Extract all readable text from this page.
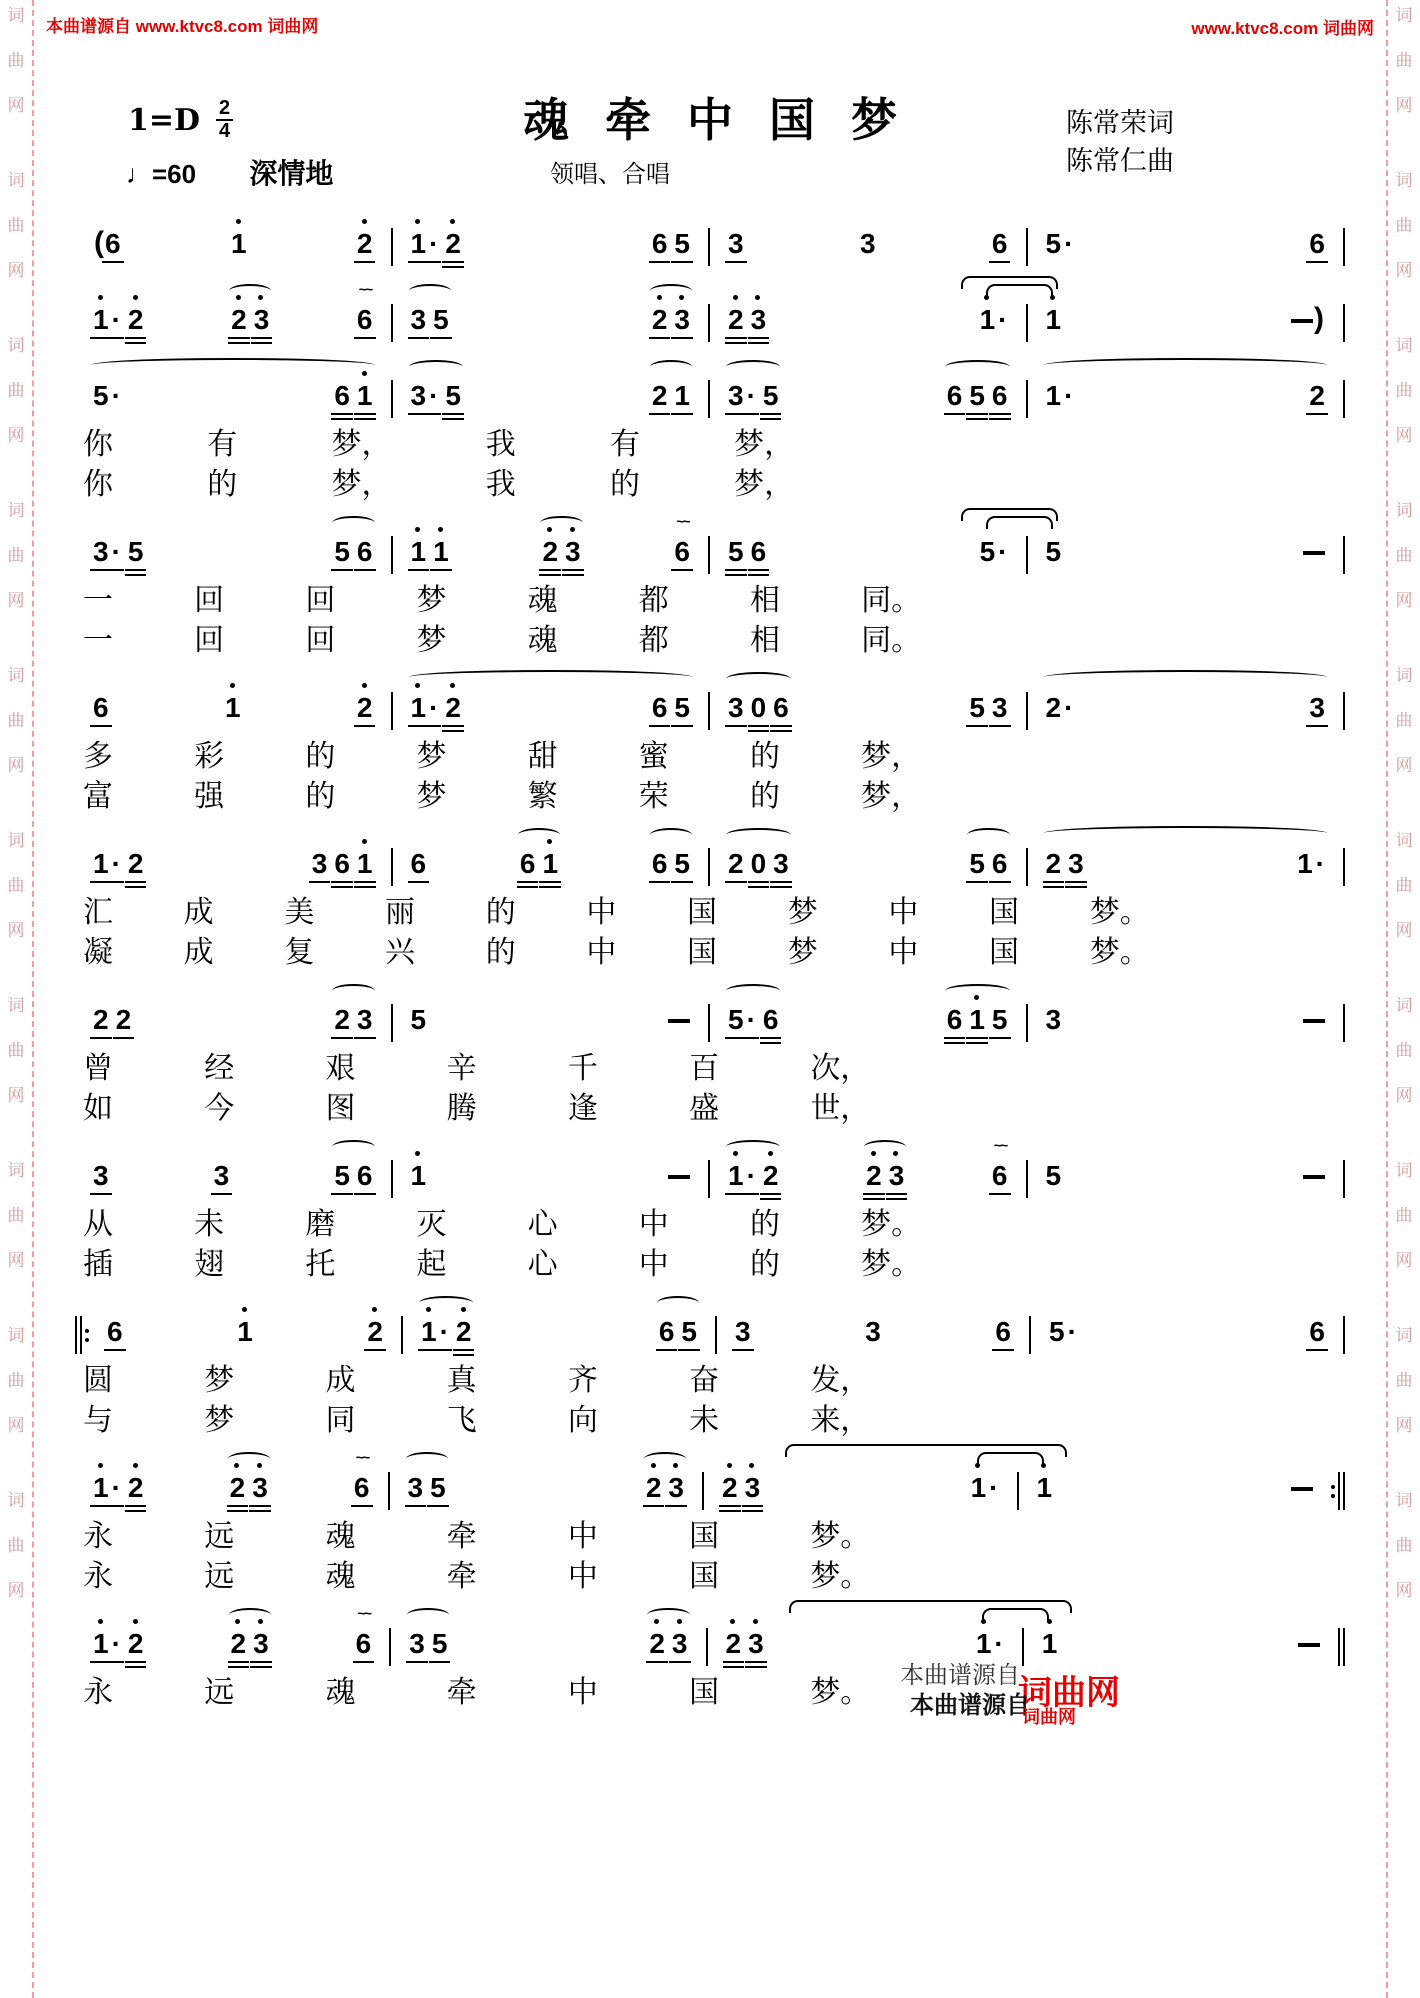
词
曲
网
词
曲
网
词
曲
网
词
曲
网
词
曲
网
词
曲
网
词
曲
网
词
曲
网
词
曲
网
词
曲
网
词
曲
网
词
曲
网
词
曲
网
词
曲
网
词
曲
网
词
曲
网
词
曲
网
词
曲
网
词
曲
网
词
曲
网
本曲谱源自 www.ktvc8.com 词曲网	www.ktvc8.com 词曲网
$1=D \frac{2}{4}$
♩=60 深情地
魂牵中国梦
领唱、合唱
陈常荣词
陈常仁曲
( 6	1	2 1 · 2	6 5 3	3	6 5 ·	6
1 · 2	2 3	6
~~
3 5	2 3 2 3	1 · 1	)
5 ·	6 1 3 · 5	2 1 3 · 5	6 5 6 1 ·	2
你	有	梦，	我	有	梦，
你	的	梦，	我	的	梦，
3 · 5	5 6 1 1	2 3	6
~~
5 6	5 · 5
一	回	回	梦	魂	都	相	同。
一	回	回	梦	魂	都	相	同。
6	1	2 1 · 2	6 5 3 0 6	5 3 2 ·	3
多	彩	的	梦	甜	蜜	的	梦，
富	强	的	梦	繁	荣	的	梦，
1 · 2	3 6 1 6	6 1	6 5 2 0 3	5 6 2 3	1 ·
汇 成 美 丽 的 中 国 梦 中 国 梦。
凝 成 复 兴 的 中 国 梦 中 国 梦。
2 2	2 3 5	5 · 6	6 1 5 3
曾	经	艰	辛	千	百	次，
如	今	图	腾	逢	盛	世，
3	3	5 6 1	1 · 2	2 3	6
~~
5
从	未	磨	灭	心	中	的	梦。
插	翅	托	起	心	中	的	梦。
6	1	2 1 · 2	6 5 3	3	6 5 ·	6
圆	梦	成	真	齐	奋	发，
与	梦	同	飞	向	未	来，
1 · 2	2 3	6
~~
3 5	2 3 2 3	1 · 1
永	远	魂	牵	中	国	梦。
永	远	魂	牵	中	国	梦。
1 · 2	2 3	6
~~
3 5	2 3 2 3	1 · 1
永	远	魂	牵	中	国	梦。 本曲谱源自
词曲网
本曲谱源自
词曲网
